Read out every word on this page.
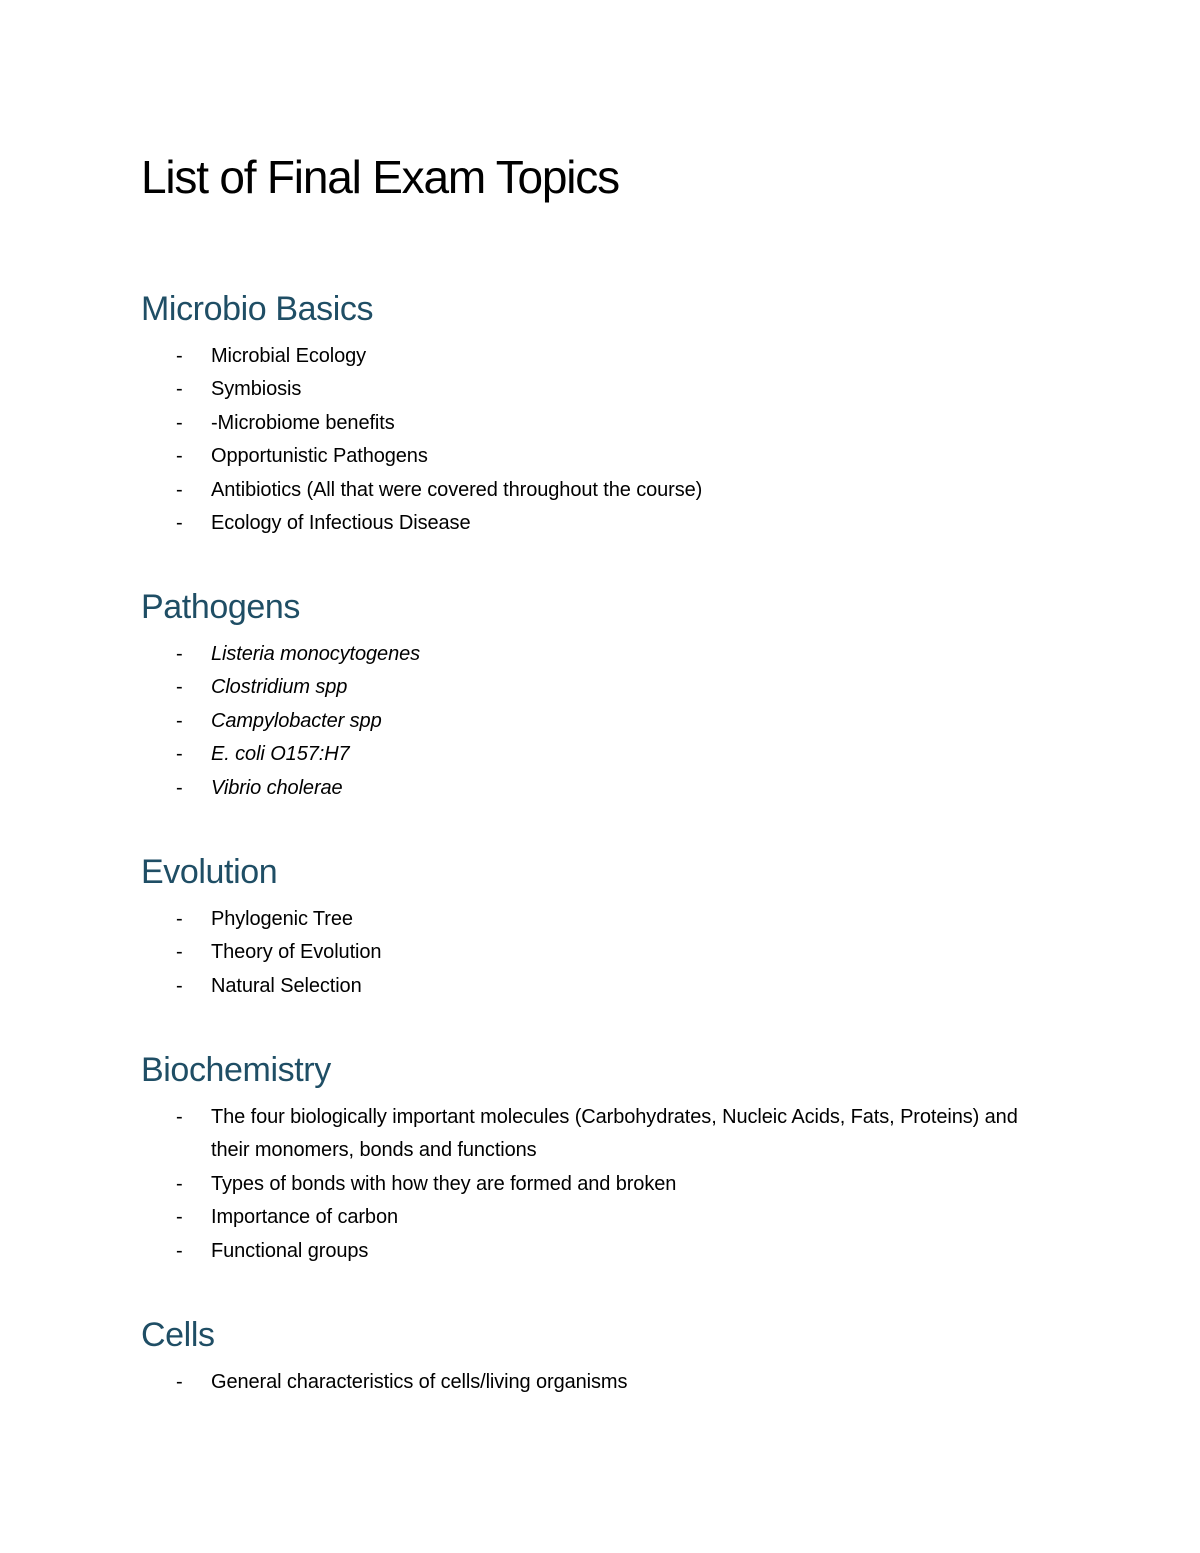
List of Final Exam Topics
Microbio Basics
- Microbial Ecology
- Symbiosis
- -Microbiome benefits
- Opportunistic Pathogens
- Antibiotics (All that were covered throughout the course)
- Ecology of Infectious Disease
Pathogens
- Listeria monocytogenes
- Clostridium spp
- Campylobacter spp
- E. coli O157:H7
- Vibrio cholerae
Evolution
- Phylogenic Tree
- Theory of Evolution
- Natural Selection
Biochemistry
- The four biologically important molecules (Carbohydrates, Nucleic Acids, Fats, Proteins) and their monomers, bonds and functions
- Types of bonds with how they are formed and broken
- Importance of carbon
- Functional groups
Cells
- General characteristics of cells/living organisms
